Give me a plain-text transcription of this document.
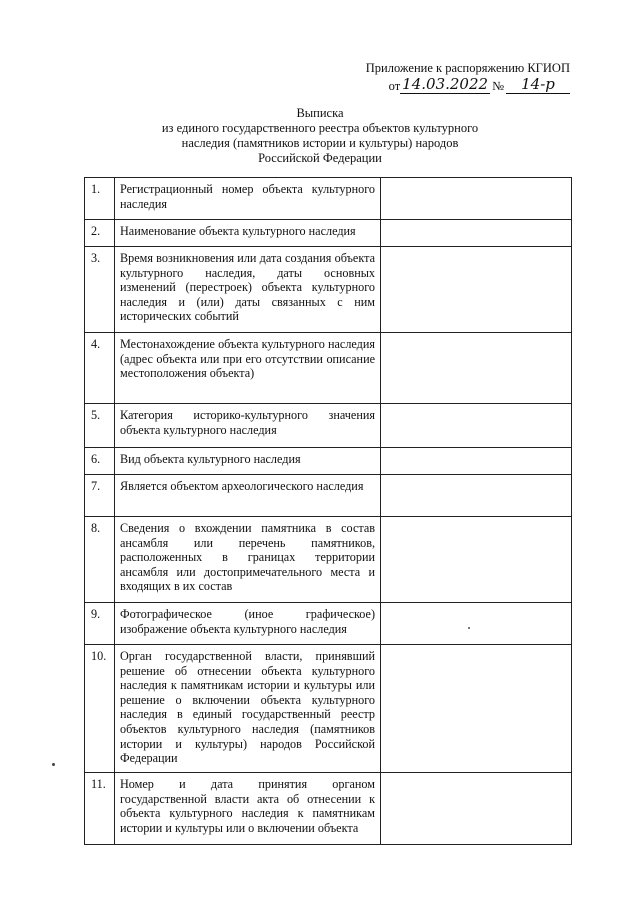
Приложение к распоряжению КГИОП
от 14.03.2022 №	14-р
Выписка
из единого государственного реестра объектов культурного
наследия (памятников истории и культуры) народов
Российской Федерации
1.	Регистрационный номер объекта культурного наследия	
2.	Наименование объекта культурного наследия	
3.	Время возникновения или дата создания объекта культурного наследия, даты основных изменений (перестроек) объекта культурного наследия и (или) даты связанных с ним исторических событий	
4.	Местонахождение объекта культурного наследия (адрес объекта или при его отсутствии описание местоположения объекта)	
5.	Категория историко-культурного значения объекта культурного наследия	
6.	Вид объекта культурного наследия	
7.	Является объектом археологического наследия	
8.	Сведения о вхождении памятника в состав ансамбля или перечень памятников, расположенных в границах территории ансамбля или достопримечательного места и входящих в их состав	
9.	Фотографическое (иное графическое) изображение объекта культурного наследия	
10.	Орган государственной власти, принявший решение об отнесении объекта культурного наследия к памятникам истории и культуры или решение о включении объекта культурного наследия в единый государственный реестр объектов культурного наследия (памятников истории и культуры) народов Российской Федерации	
11.	Номер и дата принятия органом государственной власти акта об отнесении к объекта культурного наследия к памятникам истории и культуры или о включении объекта	
